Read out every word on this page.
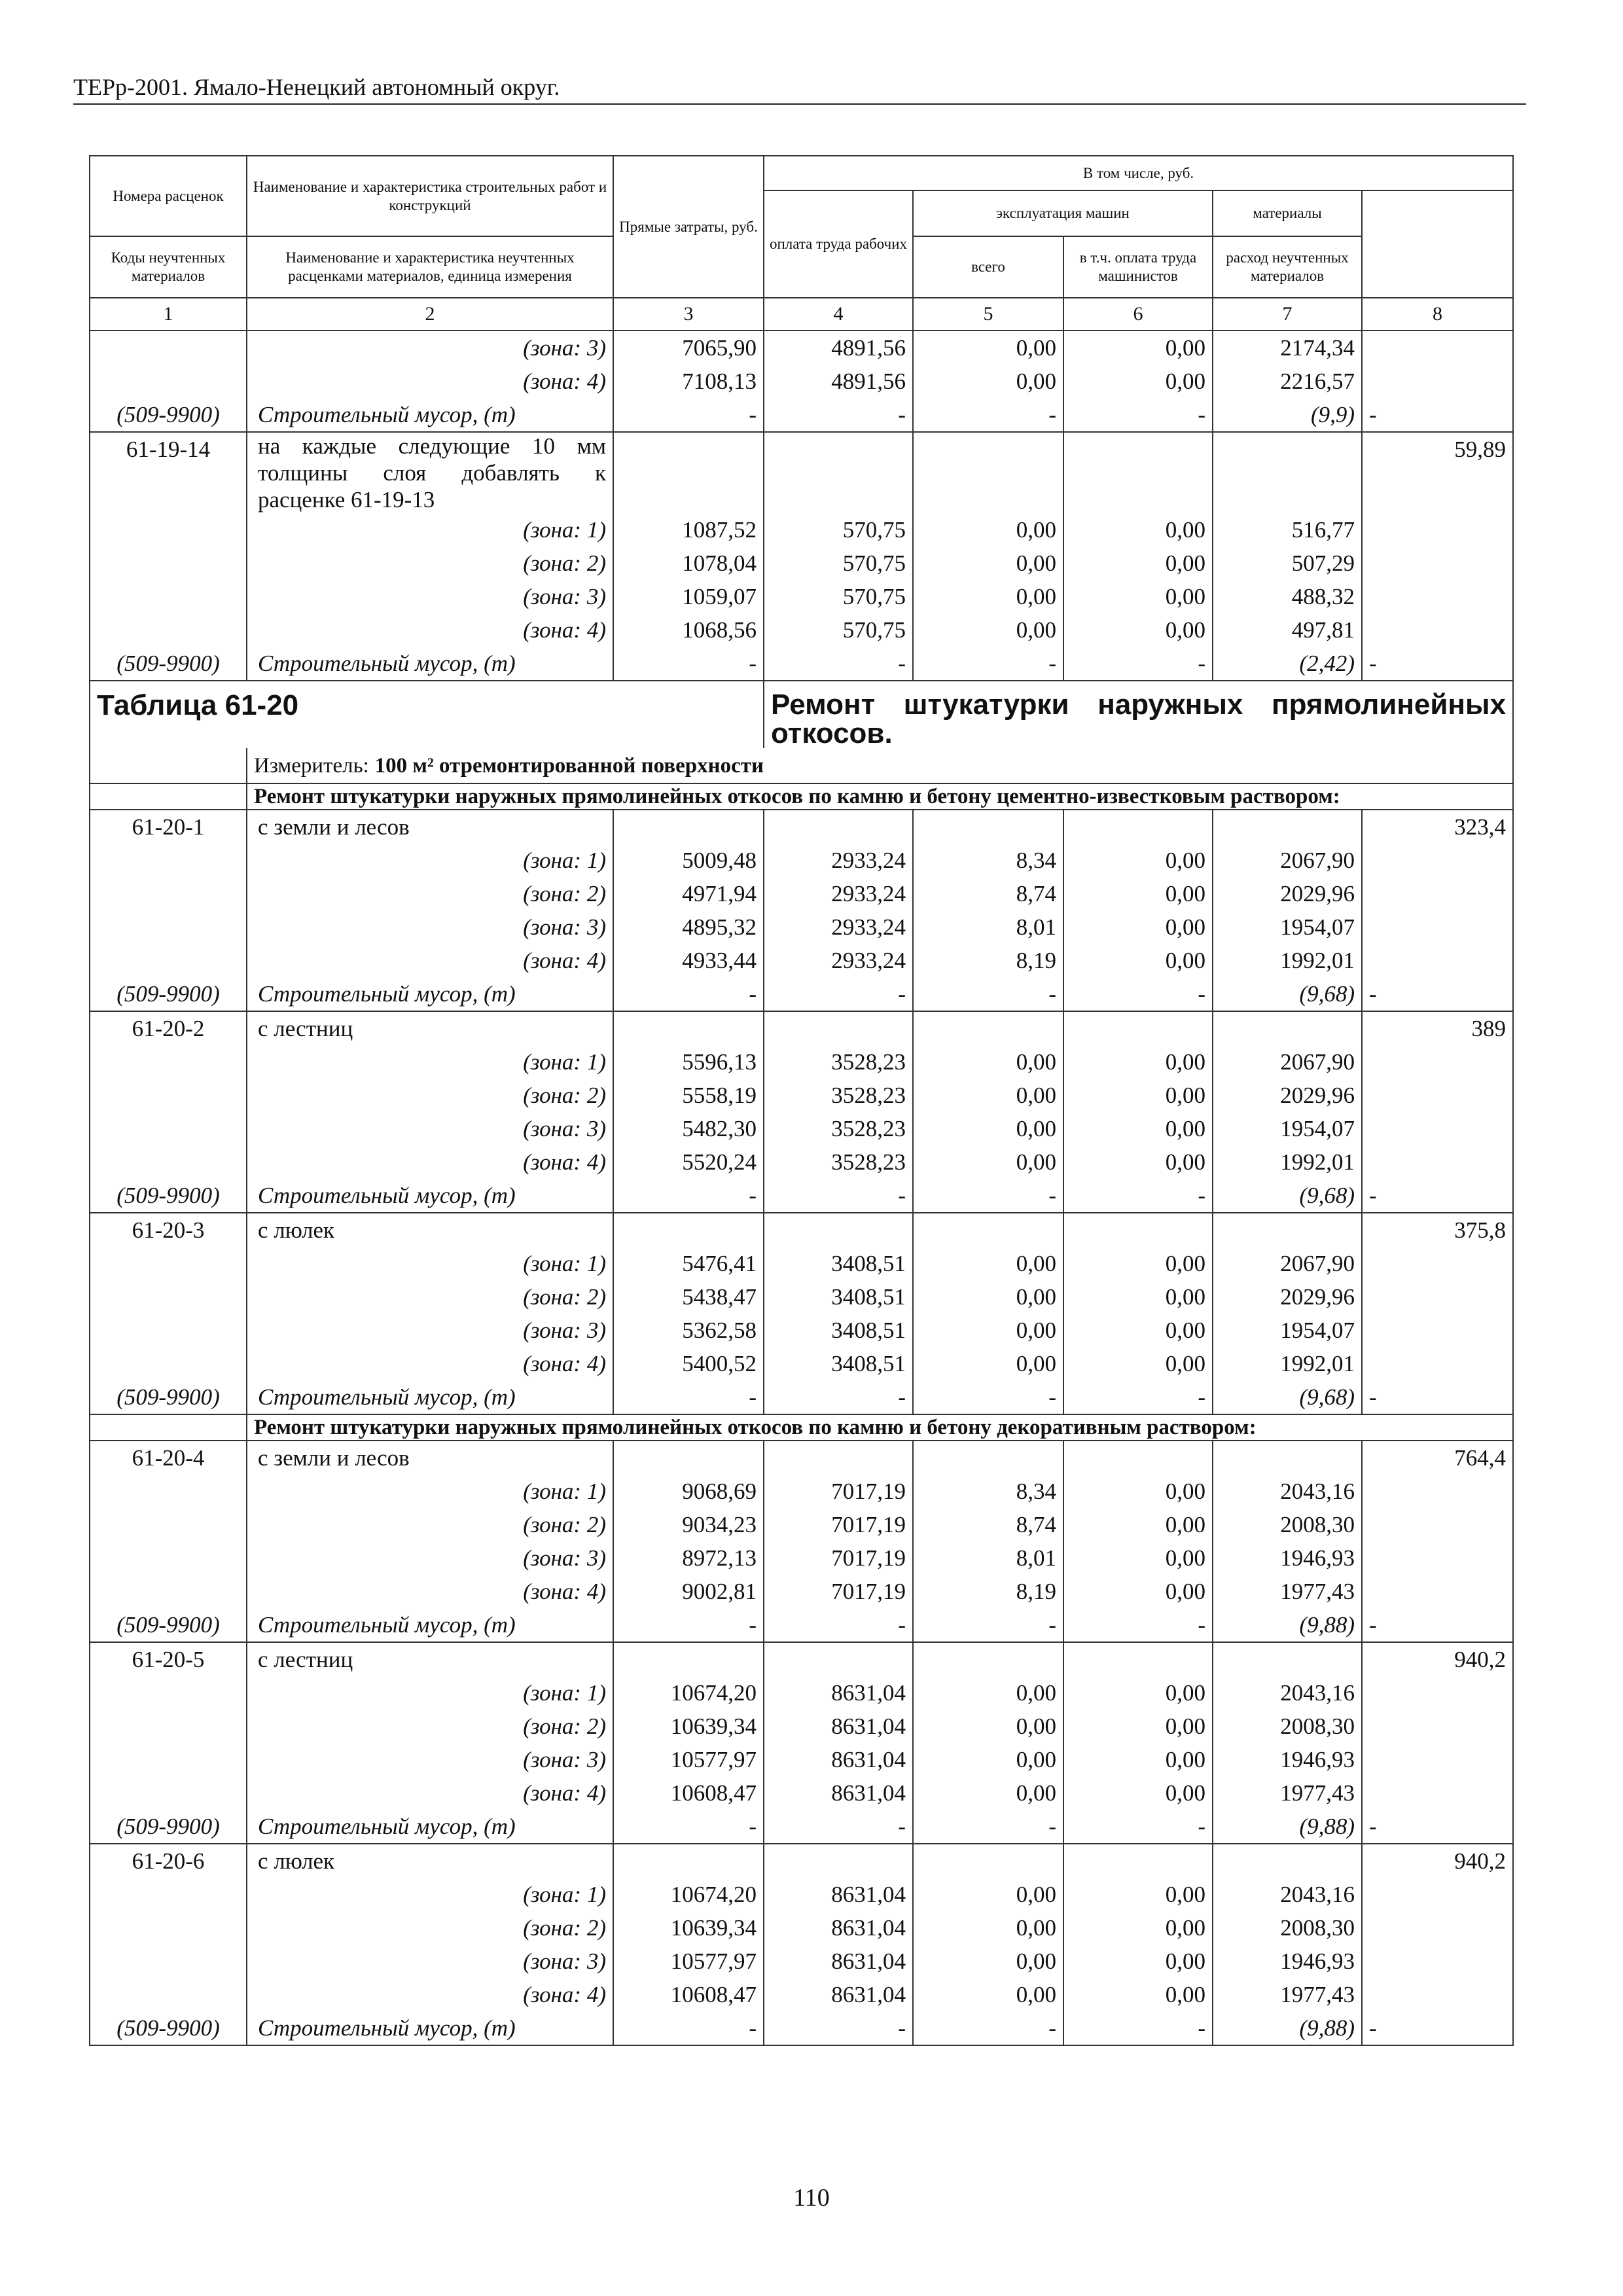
ТЕРр-2001. Ямало-Ненецкий автономный округ.
Номера расценок	Наименование и характеристика строительных работ и конструкций	Прямые затраты, руб.	В том числе, руб.	
			оплата труда рабочих	эксплуатация машин		материалы		
Коды неучтенных материалов	Наименование и характеристика неучтенных расценками материалов, единица измерения			всего	в т.ч. оплата труда машинистов	расход неучтенных материалов		
1	2	3	4	5	6	7	8	
	(зона: 3)	7065,90	4891,56	0,00	0,00	2174,34		
	(зона: 4)	7108,13	4891,56	0,00	0,00	2216,57		
(509-9900)	Строительный мусор, (т)	-	-	-	-	(9,9)	-	
61-19-14	на каждые следующие 10 мм толщины слоя добавлять к расценке 61-19-13						59,89	
	(зона: 1)	1087,52	570,75	0,00	0,00	516,77		
	(зона: 2)	1078,04	570,75	0,00	0,00	507,29		
	(зона: 3)	1059,07	570,75	0,00	0,00	488,32		
	(зона: 4)	1068,56	570,75	0,00	0,00	497,81		
(509-9900)	Строительный мусор, (т)	-	-	-	-	(2,42)	-	
Таблица 61-20			Ремонт штукатурки наружных прямолинейных откосов.					
	Измеритель: 100 м² отремонтированной поверхности							
	Ремонт штукатурки наружных прямолинейных откосов по камню и бетону цементно-известковым раствором:							
61-20-1	с земли и лесов						323,4	
	(зона: 1)	5009,48	2933,24	8,34	0,00	2067,90		
	(зона: 2)	4971,94	2933,24	8,74	0,00	2029,96		
	(зона: 3)	4895,32	2933,24	8,01	0,00	1954,07		
	(зона: 4)	4933,44	2933,24	8,19	0,00	1992,01		
(509-9900)	Строительный мусор, (т)	-	-	-	-	(9,68)	-	
61-20-2	с лестниц						389	
	(зона: 1)	5596,13	3528,23	0,00	0,00	2067,90		
	(зона: 2)	5558,19	3528,23	0,00	0,00	2029,96		
	(зона: 3)	5482,30	3528,23	0,00	0,00	1954,07		
	(зона: 4)	5520,24	3528,23	0,00	0,00	1992,01		
(509-9900)	Строительный мусор, (т)	-	-	-	-	(9,68)	-	
61-20-3	с люлек						375,8	
	(зона: 1)	5476,41	3408,51	0,00	0,00	2067,90		
	(зона: 2)	5438,47	3408,51	0,00	0,00	2029,96		
	(зона: 3)	5362,58	3408,51	0,00	0,00	1954,07		
	(зона: 4)	5400,52	3408,51	0,00	0,00	1992,01		
(509-9900)	Строительный мусор, (т)	-	-	-	-	(9,68)	-	
	Ремонт штукатурки наружных прямолинейных откосов по камню и бетону декоративным раствором:							
61-20-4	с земли и лесов						764,4	
	(зона: 1)	9068,69	7017,19	8,34	0,00	2043,16		
	(зона: 2)	9034,23	7017,19	8,74	0,00	2008,30		
	(зона: 3)	8972,13	7017,19	8,01	0,00	1946,93		
	(зона: 4)	9002,81	7017,19	8,19	0,00	1977,43		
(509-9900)	Строительный мусор, (т)	-	-	-	-	(9,88)	-	
61-20-5	с лестниц						940,2	
	(зона: 1)	10674,20	8631,04	0,00	0,00	2043,16		
	(зона: 2)	10639,34	8631,04	0,00	0,00	2008,30		
	(зона: 3)	10577,97	8631,04	0,00	0,00	1946,93		
	(зона: 4)	10608,47	8631,04	0,00	0,00	1977,43		
(509-9900)	Строительный мусор, (т)	-	-	-	-	(9,88)	-	
61-20-6	с люлек						940,2	
	(зона: 1)	10674,20	8631,04	0,00	0,00	2043,16		
	(зона: 2)	10639,34	8631,04	0,00	0,00	2008,30		
	(зона: 3)	10577,97	8631,04	0,00	0,00	1946,93		
	(зона: 4)	10608,47	8631,04	0,00	0,00	1977,43		
(509-9900)	Строительный мусор, (т)	-	-	-	-	(9,88)	-	
110
